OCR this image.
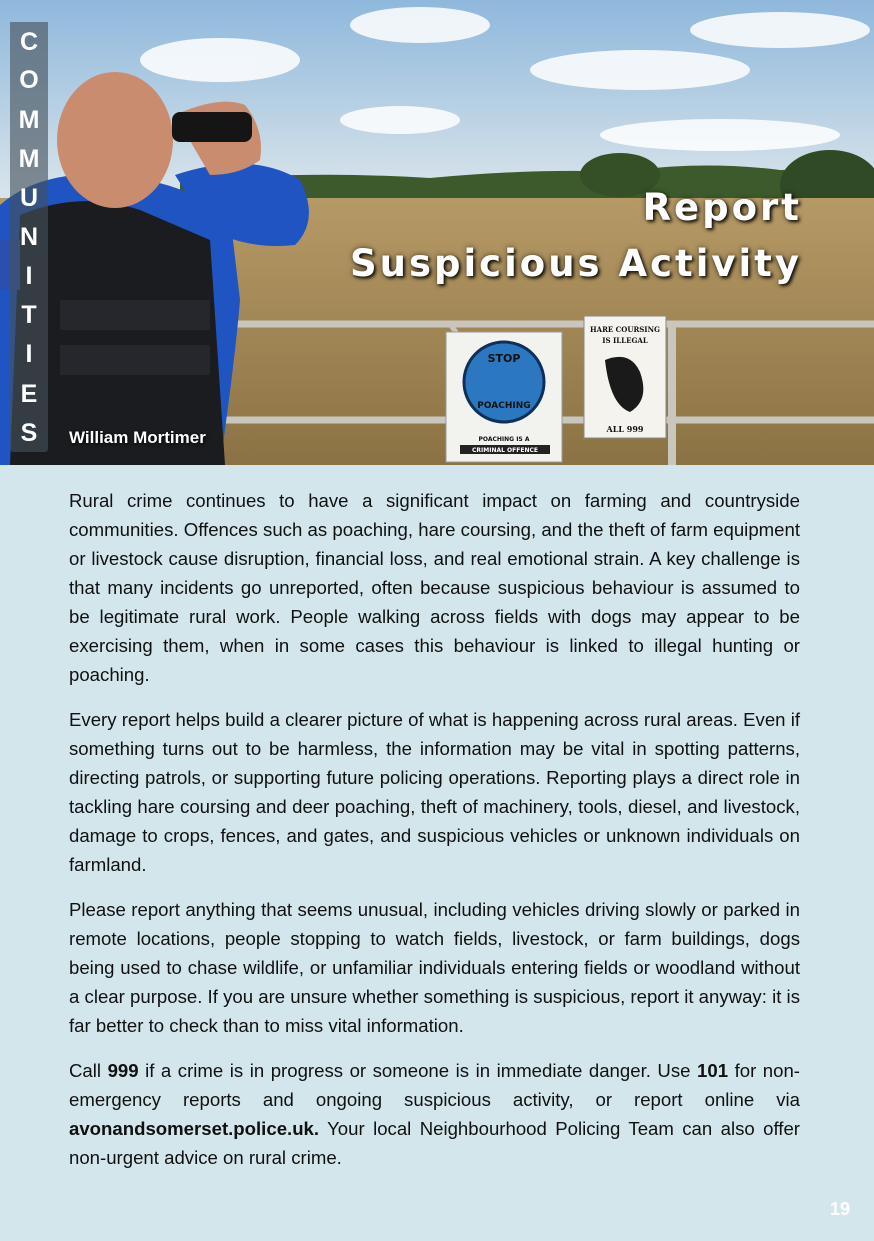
STOP
POACHING
POACHING IS A
CRIMINAL OFFENCE
HARE COURSING
IS ILLEGAL
ALL 999
C
O
M
M
U
N
I
T
I
E
S
Report
Suspicious Activity
William Mortimer

Rural crime continues to have a significant impact on farming and countryside communities. Offences such as poaching, hare coursing, and the theft of farm equipment or livestock cause disruption, financial loss, and real emotional strain. A key challenge is that many incidents go unreported, often because suspicious behaviour is assumed to be legitimate rural work. People walking across fields with dogs may appear to be exercising them, when in some cases this behaviour is linked to illegal hunting or poaching.

Every report helps build a clearer picture of what is happening across rural areas. Even if something turns out to be harmless, the information may be vital in spotting patterns, directing patrols, or supporting future policing operations. Reporting plays a direct role in tackling hare coursing and deer poaching, theft of machinery, tools, diesel, and livestock, damage to crops, fences, and gates, and suspicious vehicles or unknown individuals on farmland.

Please report anything that seems unusual, including vehicles driving slowly or parked in remote locations, people stopping to watch fields, livestock, or farm buildings, dogs being used to chase wildlife, or unfamiliar individuals entering fields or woodland without a clear purpose. If you are unsure whether something is suspicious, report it anyway: it is far better to check than to miss vital information.

Call 999 if a crime is in progress or someone is in immediate danger. Use 101 for non-emergency reports and ongoing suspicious activity, or report online via avonandsomerset.police.uk. Your local Neighbourhood Policing Team can also offer non-urgent advice on rural crime.

19
